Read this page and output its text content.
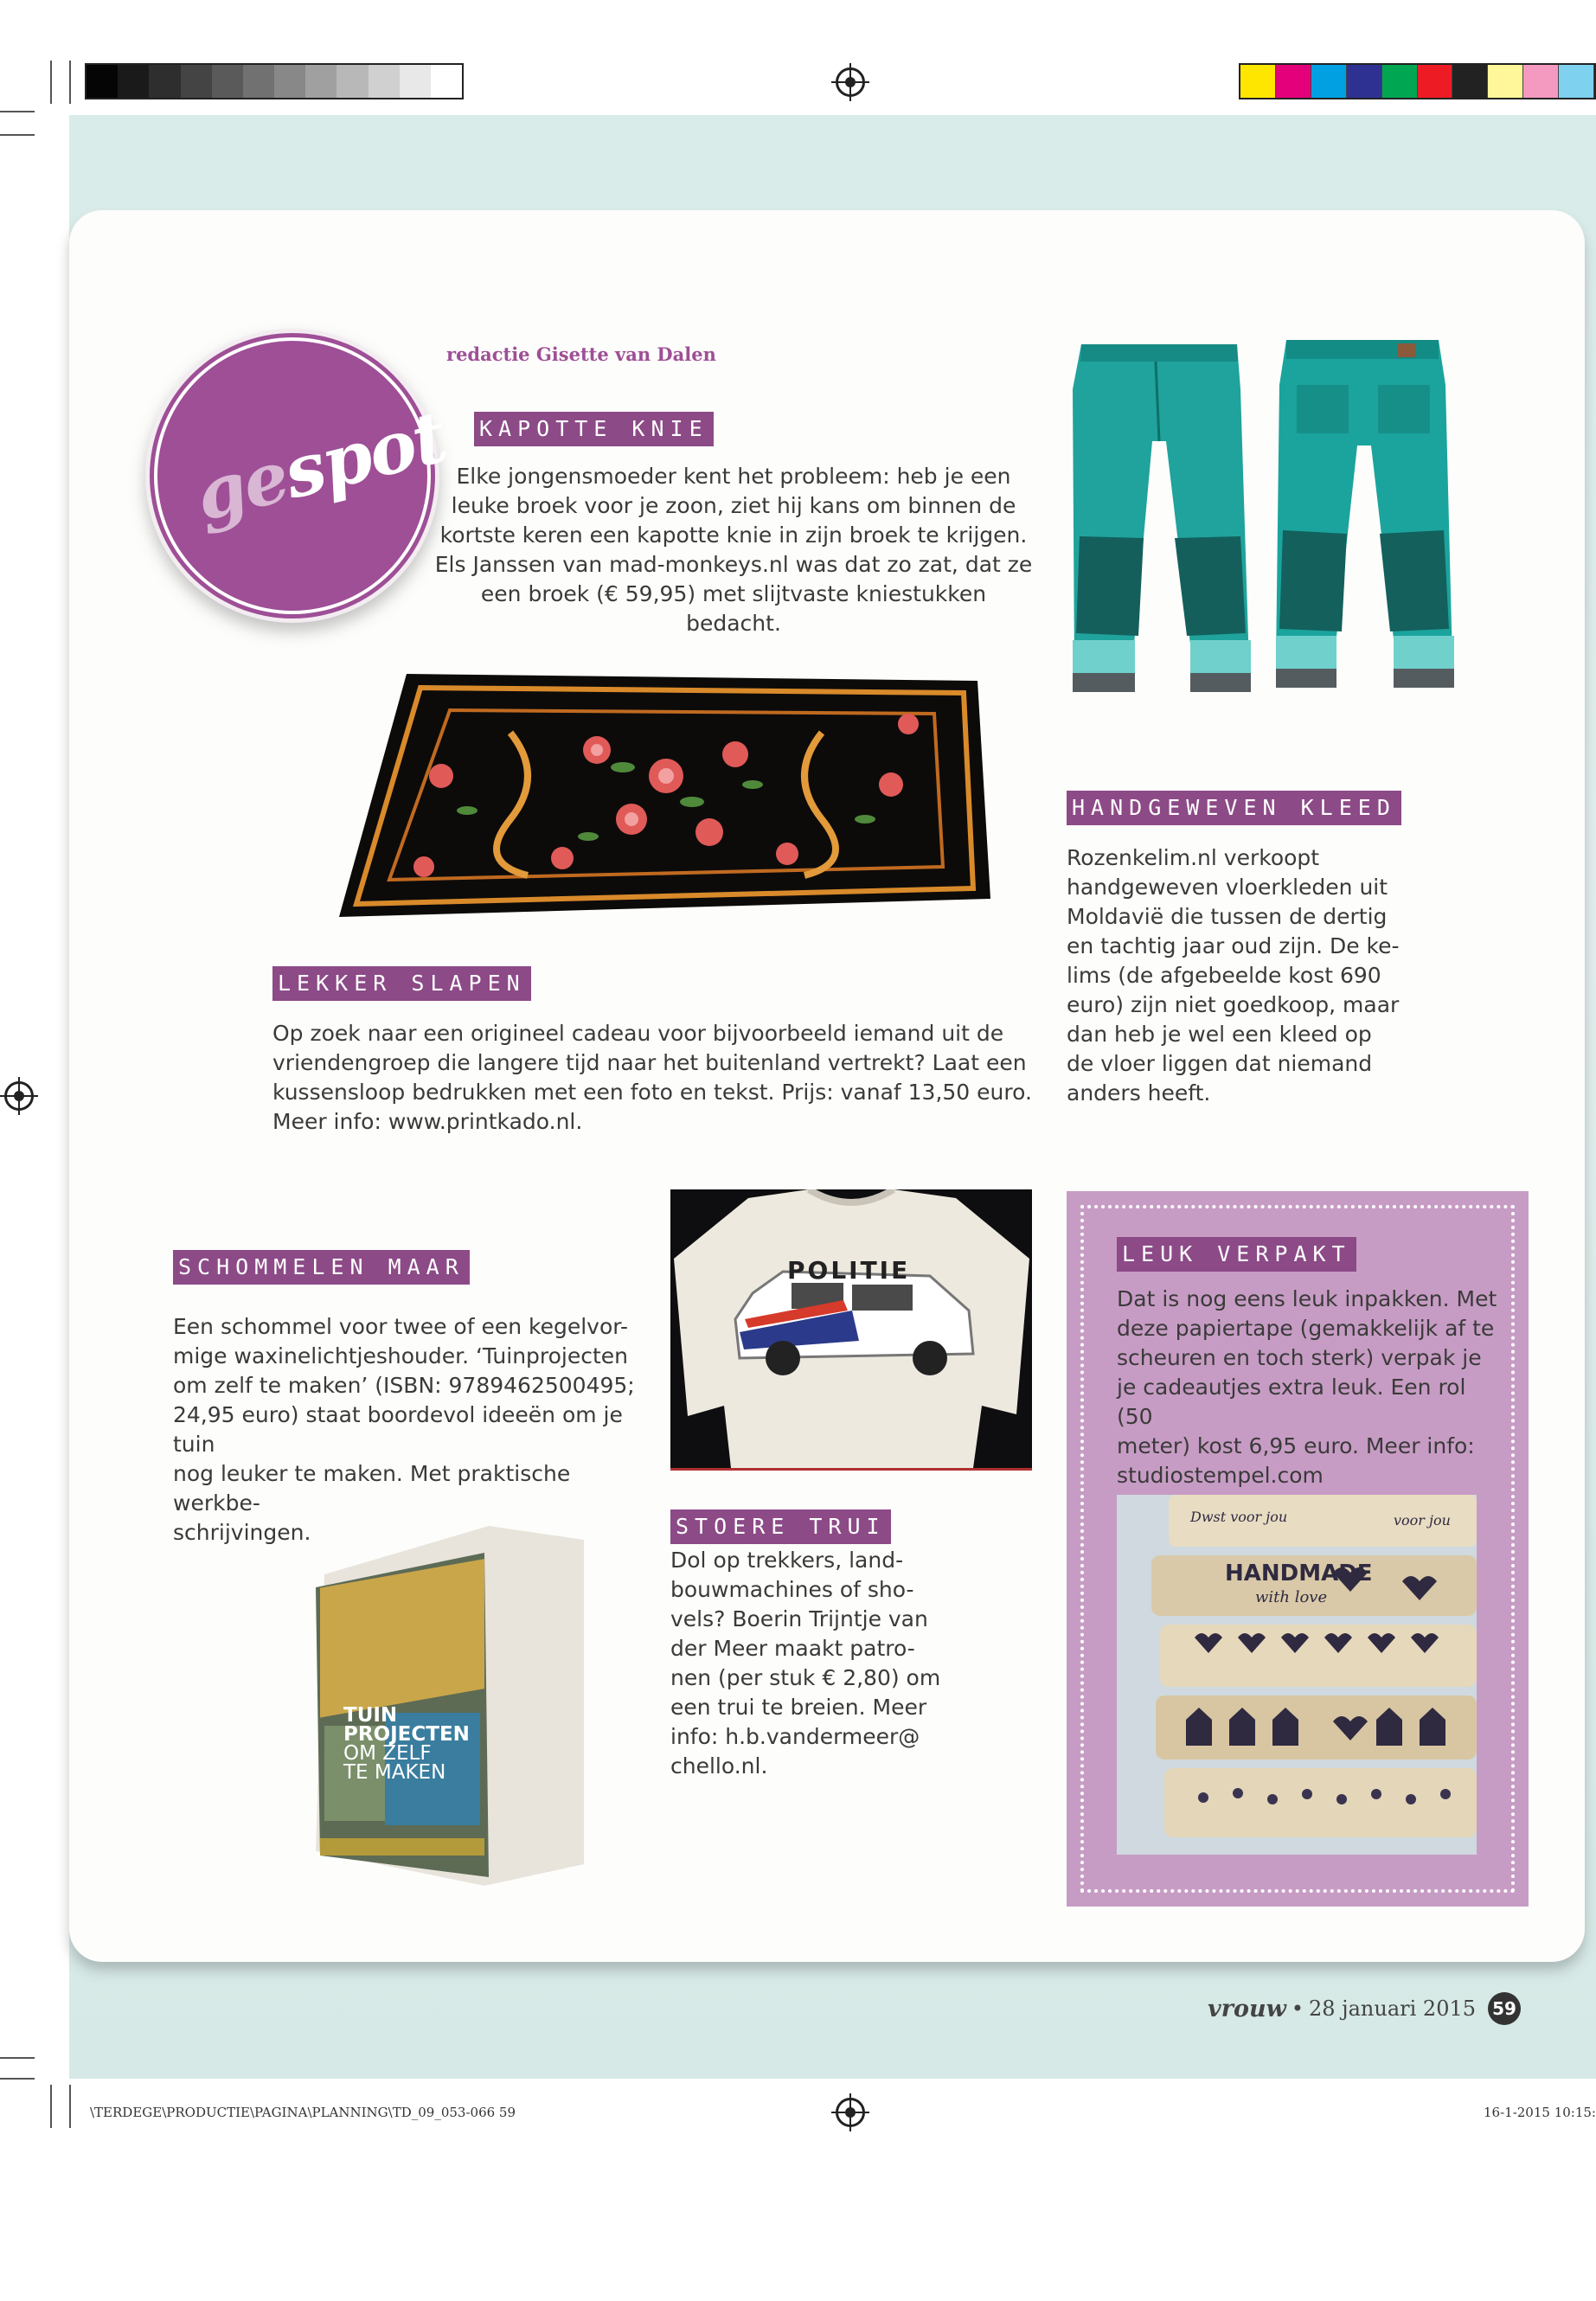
gespot
redactie Gisette van Dalen
KAPOTTE KNIE
Elke jongensmoeder kent het probleem: heb je een
leuke broek voor je zoon, ziet hij kans om binnen de
kortste keren een kapotte knie in zijn broek te krijgen.
Els Janssen van mad-monkeys.nl was dat zo zat, dat ze
een broek (€ 59,95) met slijtvaste kniestukken bedacht.
HANDGEWEVEN KLEED
Rozenkelim.nl verkoopt
handgeweven vloerkleden uit
Moldavië die tussen de dertig
en tachtig jaar oud zijn. De ke-
lims (de afgebeelde kost 690
euro) zijn niet goedkoop, maar
dan heb je wel een kleed op
de vloer liggen dat niemand
anders heeft.
LEKKER SLAPEN
Op zoek naar een origineel cadeau voor bijvoorbeeld iemand uit de
vriendengroep die langere tijd naar het buitenland vertrekt? Laat een
kussensloop bedrukken met een foto en tekst. Prijs: vanaf 13,50 euro.
Meer info: www.printkado.nl.
SCHOMMELEN MAAR
Een schommel voor twee of een kegelvor-
mige waxinelichtjeshouder. ‘Tuinprojecten
om zelf te maken’ (ISBN: 9789462500495;
24,95 euro) staat boordevol ideeën om je tuin
nog leuker te maken. Met praktische werkbe-
schrijvingen.
TUIN
PROJECTEN
OM ZELF
TE MAKEN
POLITIE
STOERE TRUI
Dol op trekkers, land-
bouwmachines of sho-
vels? Boerin Trijntje van
der Meer maakt patro-
nen (per stuk € 2,80) om
een trui te breien. Meer
info: h.b.vandermeer@
chello.nl.
LEUK VERPAKT
Dat is nog eens leuk inpakken. Met
deze papiertape (gemakkelijk af te
scheuren en toch sterk) verpak je
je cadeautjes extra leuk. Een rol (50
meter) kost 6,95 euro. Meer info:
studiostempel.com
HANDMADE
with love
Dwst voor jou	voor jou
vrouw • 28 januari 2015 59
\TERDEGE\PRODUCTIE\PAGINA\PLANNING\TD_09_053-066 59	16-1-2015 10:15:
